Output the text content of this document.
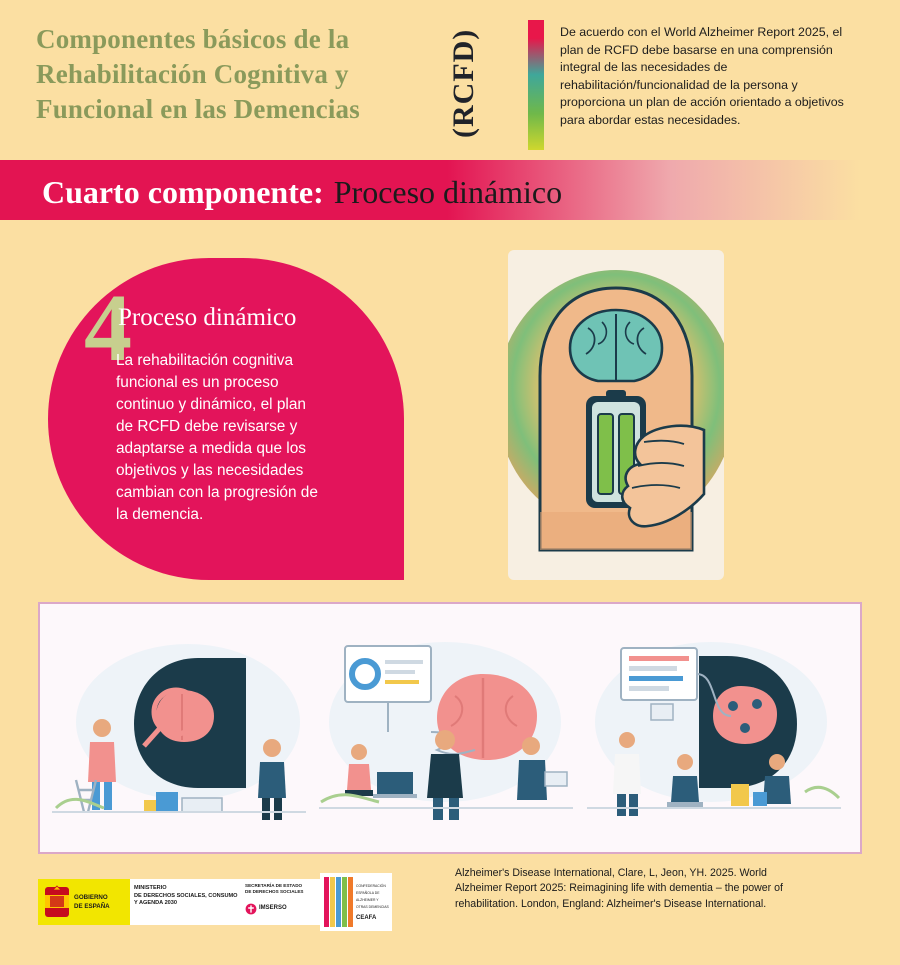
Componentes básicos de la
Rehabilitación Cognitiva y
Funcional en las Demencias	(RCFD)	De acuerdo con el World Alzheimer Report 2025, el plan de RCFD debe basarse en una comprensión integral de las necesidades de rehabilitación/funcionalidad de la persona y proporciona un plan de acción orientado a objetivos para abordar estas necesidades.
Cuarto componente: Proceso dinámico
4
Proceso dinámico
La rehabilitación cognitiva funcional es un proceso continuo y dinámico, el plan de RCFD debe revisarse y adaptarse a medida que los objetivos y las necesidades cambian con la progresión de la demencia.
GOBIERNO
DE ESPAÑA
MINISTERIO
DE DERECHOS SOCIALES, CONSUMO
Y AGENDA 2030
SECRETARÍA DE ESTADO
DE DERECHOS SOCIALES
IMSERSO
CONFEDERACIÓN
ESPAÑOLA DE
ALZHEIMER Y
OTRAS DEMENCIAS
CEAFA
Alzheimer's Disease International, Clare, L, Jeon, YH. 2025. World Alzheimer Report 2025: Reimagining life with dementia – the power of rehabilitation. London, England: Alzheimer's Disease International.
